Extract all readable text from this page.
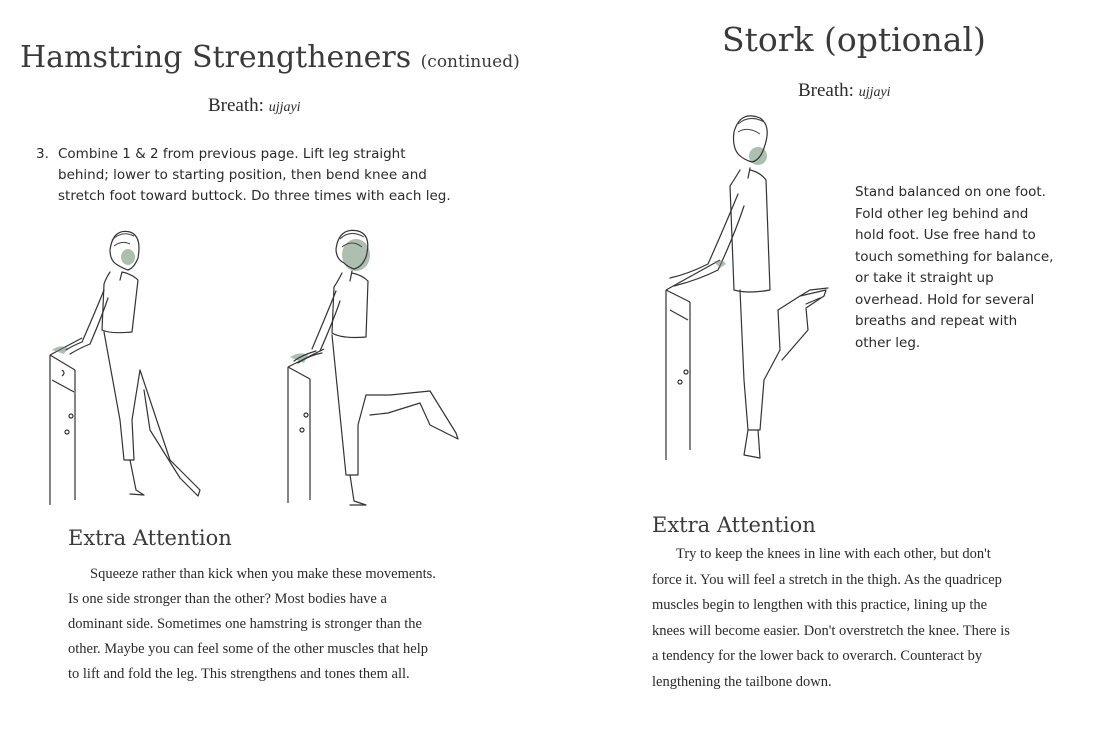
Hamstring Strengtheners (continued)
Breath: ujjayi
3. Combine 1 & 2 from previous page. Lift leg straight
behind; lower to starting position, then bend knee and
stretch foot toward buttock. Do three times with each leg.
Extra Attention
Squeeze rather than kick when you make these movements.
Is one side stronger than the other? Most bodies have a
dominant side. Sometimes one hamstring is stronger than the
other. Maybe you can feel some of the other muscles that help
to lift and fold the leg. This strengthens and tones them all.
Stork (optional)
Breath: ujjayi
Stand balanced on one foot.
Fold other leg behind and
hold foot. Use free hand to
touch something for balance,
or take it straight up
overhead. Hold for several
breaths and repeat with
other leg.
Extra Attention
Try to keep the knees in line with each other, but don't
force it. You will feel a stretch in the thigh. As the quadricep
muscles begin to lengthen with this practice, lining up the
knees will become easier. Don't overstretch the knee. There is
a tendency for the lower back to overarch. Counteract by
lengthening the tailbone down.
